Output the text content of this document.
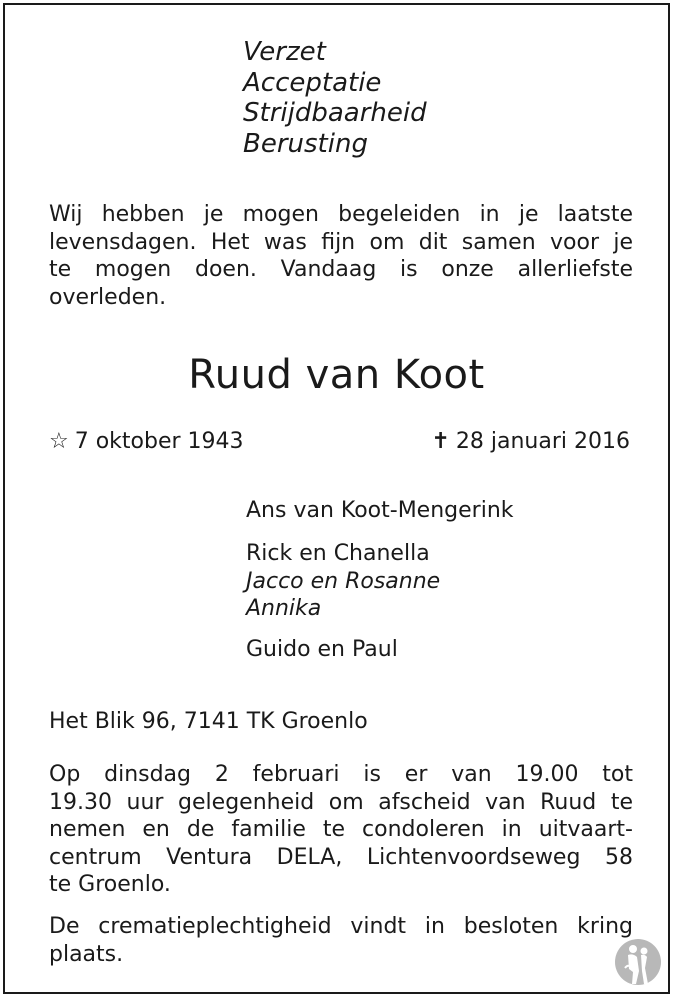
Verzet
Acceptatie
Strijdbaarheid
Berusting
Wij hebben je mogen begeleiden in je laatste
levensdagen. Het was fijn om dit samen voor je
te mogen doen. Vandaag is onze allerliefste
overleden.
Ruud van Koot
☆ 7 oktober 1943	✝ 28 januari 2016
Ans van Koot-Mengerink
Rick en Chanella
Jacco en Rosanne
Annika
Guido en Paul
Het Blik 96, 7141 TK Groenlo
Op dinsdag 2 februari is er van 19.00 tot
19.30 uur gelegenheid om afscheid van Ruud te
nemen en de familie te condoleren in uitvaart-
centrum Ventura DELA, Lichtenvoordseweg 58
te Groenlo.
De crematieplechtigheid vindt in besloten kring
plaats.
